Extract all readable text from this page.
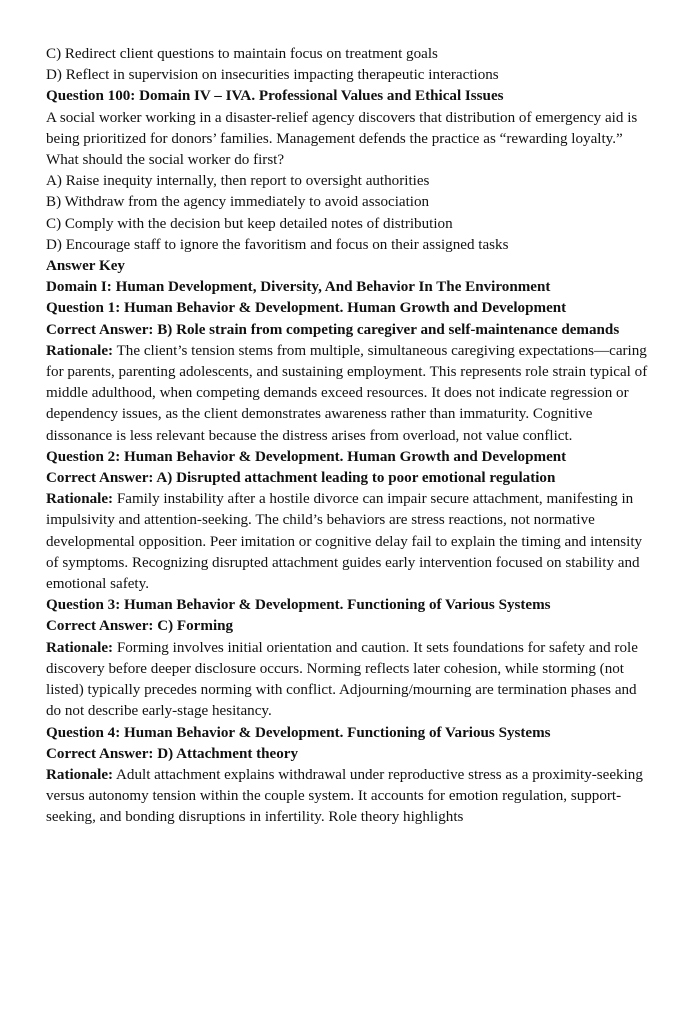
C) Redirect client questions to maintain focus on treatment goals
D) Reflect in supervision on insecurities impacting therapeutic interactions
Question 100: Domain IV – IVA. Professional Values and Ethical Issues
A social worker working in a disaster-relief agency discovers that distribution of emergency aid is being prioritized for donors’ families. Management defends the practice as “rewarding loyalty.” What should the social worker do first?
A) Raise inequity internally, then report to oversight authorities
B) Withdraw from the agency immediately to avoid association
C) Comply with the decision but keep detailed notes of distribution
D) Encourage staff to ignore the favoritism and focus on their assigned tasks
Answer Key
Domain I: Human Development, Diversity, And Behavior In The Environment
Question 1: Human Behavior & Development. Human Growth and Development
Correct Answer: B) Role strain from competing caregiver and self-maintenance demands
Rationale: The client’s tension stems from multiple, simultaneous caregiving expectations—caring for parents, parenting adolescents, and sustaining employment. This represents role strain typical of middle adulthood, when competing demands exceed resources. It does not indicate regression or dependency issues, as the client demonstrates awareness rather than immaturity. Cognitive dissonance is less relevant because the distress arises from overload, not value conflict.
Question 2: Human Behavior & Development. Human Growth and Development
Correct Answer: A) Disrupted attachment leading to poor emotional regulation
Rationale: Family instability after a hostile divorce can impair secure attachment, manifesting in impulsivity and attention-seeking. The child’s behaviors are stress reactions, not normative developmental opposition. Peer imitation or cognitive delay fail to explain the timing and intensity of symptoms. Recognizing disrupted attachment guides early intervention focused on stability and emotional safety.
Question 3: Human Behavior & Development. Functioning of Various Systems
Correct Answer: C) Forming
Rationale: Forming involves initial orientation and caution. It sets foundations for safety and role discovery before deeper disclosure occurs. Norming reflects later cohesion, while storming (not listed) typically precedes norming with conflict. Adjourning/mourning are termination phases and do not describe early-stage hesitancy.
Question 4: Human Behavior & Development. Functioning of Various Systems
Correct Answer: D) Attachment theory
Rationale: Adult attachment explains withdrawal under reproductive stress as a proximity-seeking versus autonomy tension within the couple system. It accounts for emotion regulation, support-seeking, and bonding disruptions in infertility. Role theory highlights
